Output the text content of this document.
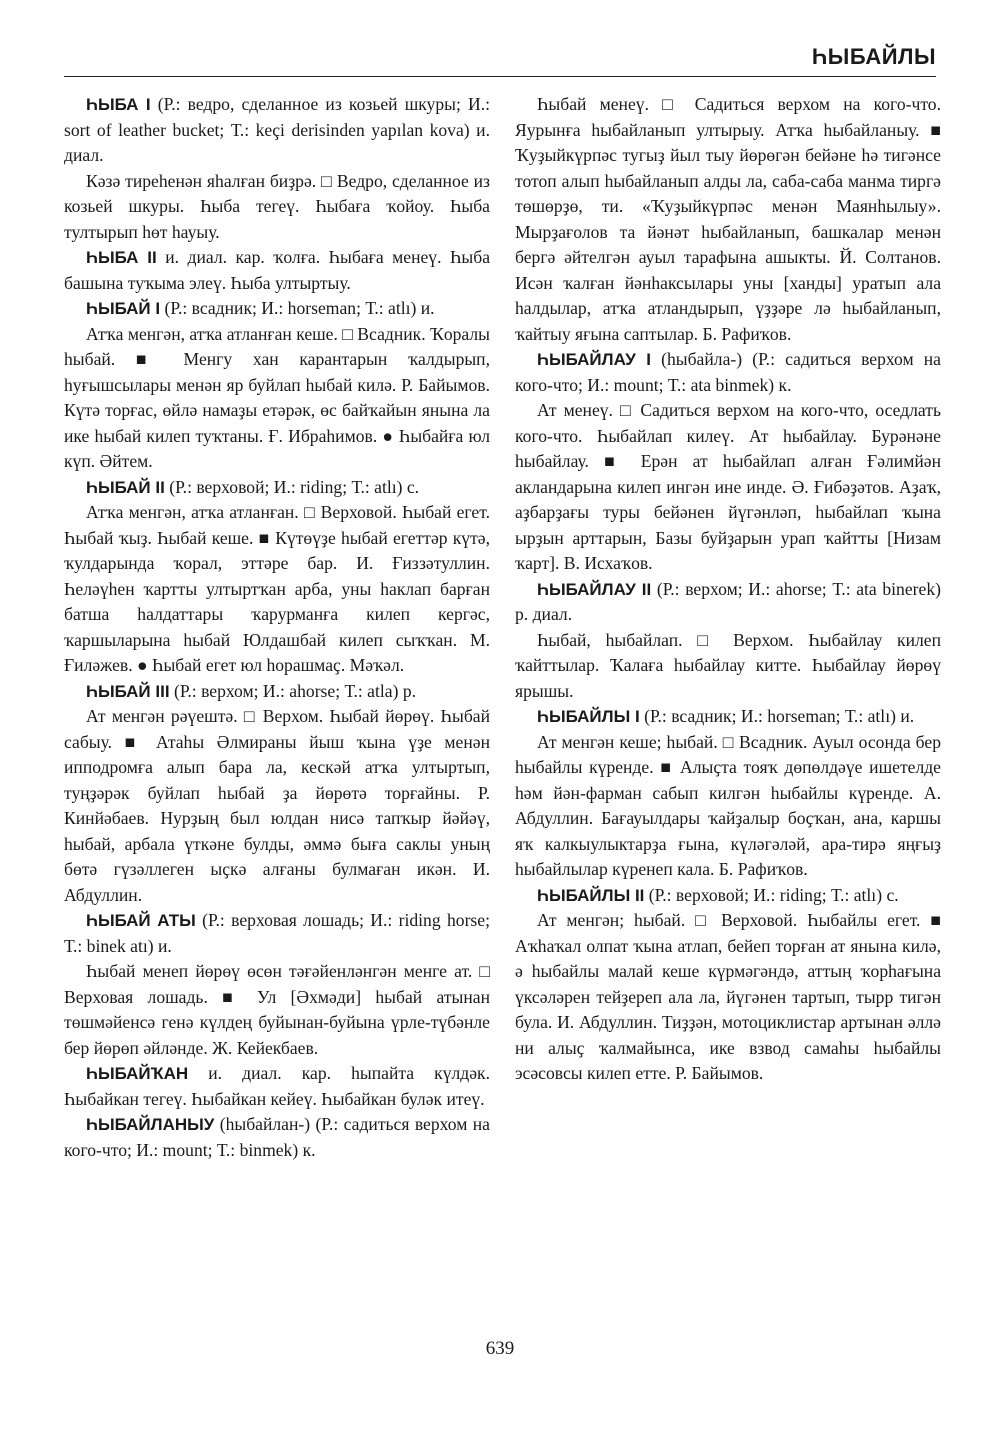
ҺЫБАЙЛЫ

ҺЫБА I (Р.: ведро, сделанное из козьей шкуры; И.: sort of leather bucket; Т.: keçi derisinden yapılan kova) и. диал.

Кәзә тиреһенән яһалған биҙрә. □ Ведро, сделанное из козьей шкуры. Һыба тегеү. Һыбаға ҡойоу. Һыба тултырып һөт һауыу.

ҺЫБА II и. диал. кар. ҡолға. Һыбаға менеү. Һыба башына туҡыма элеү. Һыба ултыртыу.

ҺЫБАЙ I (Р.: всадник; И.: horseman; Т.: atlı) и.

Атҡа менгән, атҡа атланған кеше. □ Всадник. Ҡоралы һыбай. ■ Менгу хан карантарын ҡалдырып, һуғышсылары менән яр буйлап һыбай килә. Р. Байымов. Күтә торғас, өйлә намаҙы етәрәк, өс байҡайын янына ла ике һыбай килеп туҡтаны. Ғ. Ибраһимов. ● Һыбайға юл күп. Әйтем.

ҺЫБАЙ II (Р.: верховой; И.: riding; Т.: atlı) с.

Атҡа менгән, атҡа атланған. □ Верховой. Һыбай егет. Һыбай ҡыҙ. Һыбай кеше. ■ Күтөүҙе һыбай егеттәр күтә, ҡулдарында ҡорал, эттәре бар. И. Ғиззәтуллин. Һеләүһен ҡартты ултыртҡан арба, уны һаклап барған батша һалдаттары ҡарурманға килеп кергәс, ҡаршыларына һыбай Юлдашбай килеп сыҡҡан. М. Ғиләжев. ● Һыбай егет юл һорашмаҫ. Мәҡәл.

ҺЫБАЙ III (Р.: верхом; И.: ahorse; Т.: atla) р.

Ат менгән рәүештә. □ Верхом. Һыбай йөрөү. Һыбай сабыу. ■ Атаһы Әлмираны йыш ҡына үҙе менән ипподромға алып бара ла, кескәй атҡа ултыртып, туңҙәрәк буйлап һыбай ҙа йөрөтә торғайны. Р. Кинйәбаев. Нурҙың был юлдан нисә тапҡыр йәйәү, һыбай, арбала үткәне булды, әммә быға саклы уның бөтә гүзәллеген ыҫкә алғаны булмаған икән. И. Абдуллин.

ҺЫБАЙ АТЫ (Р.: верховая лошадь; И.: riding horse; Т.: binek atı) и.

Һыбай менеп йөрөү өсөн тәғәйенләнгән менге ат. □ Верховая лошадь. ■ Ул [Әхмәди] һыбай атынан төшмәйенсә генә күлдең буйынан-буйына үрле-түбәнле бер йөрөп әйләнде. Ж. Кейекбаев.

ҺЫБАЙҠАН и. диал. кар. һыпайта күлдәк. Һыбайкан тегеү. Һыбайкан кейеү. Һыбайкан буләк итеү.

ҺЫБАЙЛАНЫУ (һыбайлан-) (Р.: садиться верхом на кого-что; И.: mount; Т.: binmek) к.

Һыбай менеү. □ Садиться верхом на кого-что. Яурынға һыбайланып ултырыу. Атҡа һыбайланыу. ■ Ҡуҙыйкүрпәс тугыҙ йыл тыу йөрөгән бейәне һә тигәнсе тотоп алып һыбайланып алды ла, саба-саба манма тиргә төшөрҙө, ти. «Ҡуҙыйкүрпәс менән Маянһылыу». Мырҙағолов та йәнәт һыбайланып, башкалар менән бергә әйтелгән ауыл тарафына ашыкты. Й. Солтанов. Исән ҡалған йәнһаксылары уны [ханды] уратып ала һалдылар, атҡа атландырып, үҙҙәре лә һыбайланып, ҡайтыу яғына саптылар. Б. Рафиҡов.

ҺЫБАЙЛАУ I (һыбайла-) (Р.: садиться верхом на кого-что; И.: mount; Т.: ata binmek) к.

Ат менеү. □ Садиться верхом на кого-что, оседлать кого-что. Һыбайлап килеү. Ат һыбайлау. Бурәнәне һыбайлау. ■ Ерән ат һыбайлап алған Ғәлимйән акландарына килеп ингән ине инде. Ә. Ғибәҙәтов. Аҙаҡ, аҙбарҙағы туры бейәнен йүгәнләп, һыбайлап ҡына ырҙын арттарын, Базы буйҙарын урап ҡайтты [Низам ҡарт]. В. Исхаҡов.

ҺЫБАЙЛАУ II (Р.: верхом; И.: ahorse; Т.: ata binerek) р. диал.

Һыбай, һыбайлап. □ Верхом. Һыбайлау килеп ҡайттылар. Ҡалаға һыбайлау китте. Һыбайлау йөрөү ярышы.

ҺЫБАЙЛЫ I (Р.: всадник; И.: horseman; Т.: atlı) и.

Ат менгән кеше; һыбай. □ Всадник. Ауыл осонда бер һыбайлы күренде. ■ Алыҫта тояҡ дөпөлдәүе ишетелде һәм йән-фарман сабып килгән һыбайлы күренде. А. Абдуллин. Бағауылдары ҡайҙалыр боҫҡан, ана, каршы яҡ калкыулыктарҙа ғына, күләгәләй, ара-тирә яңғыҙ һыбайлылар күренеп кала. Б. Рафиҡов.

ҺЫБАЙЛЫ II (Р.: верховой; И.: riding; Т.: atlı) с.

Ат менгән; һыбай. □ Верховой. Һыбайлы егет. ■ Аҡһаҡал олпат ҡына атлап, бейеп торған ат янына килә, ә һыбайлы малай кеше күрмәгәндә, аттың ҡорһағына үксәләрен тейҙереп ала ла, йүгәнен тартып, тырр тигән була. И. Абдуллин. Тиҙҙән, мотоциклистар артынан әллә ни алыҫ ҡалмайынса, ике взвод самаһы һыбайлы эсәсовсы килеп етте. Р. Байымов.

639
